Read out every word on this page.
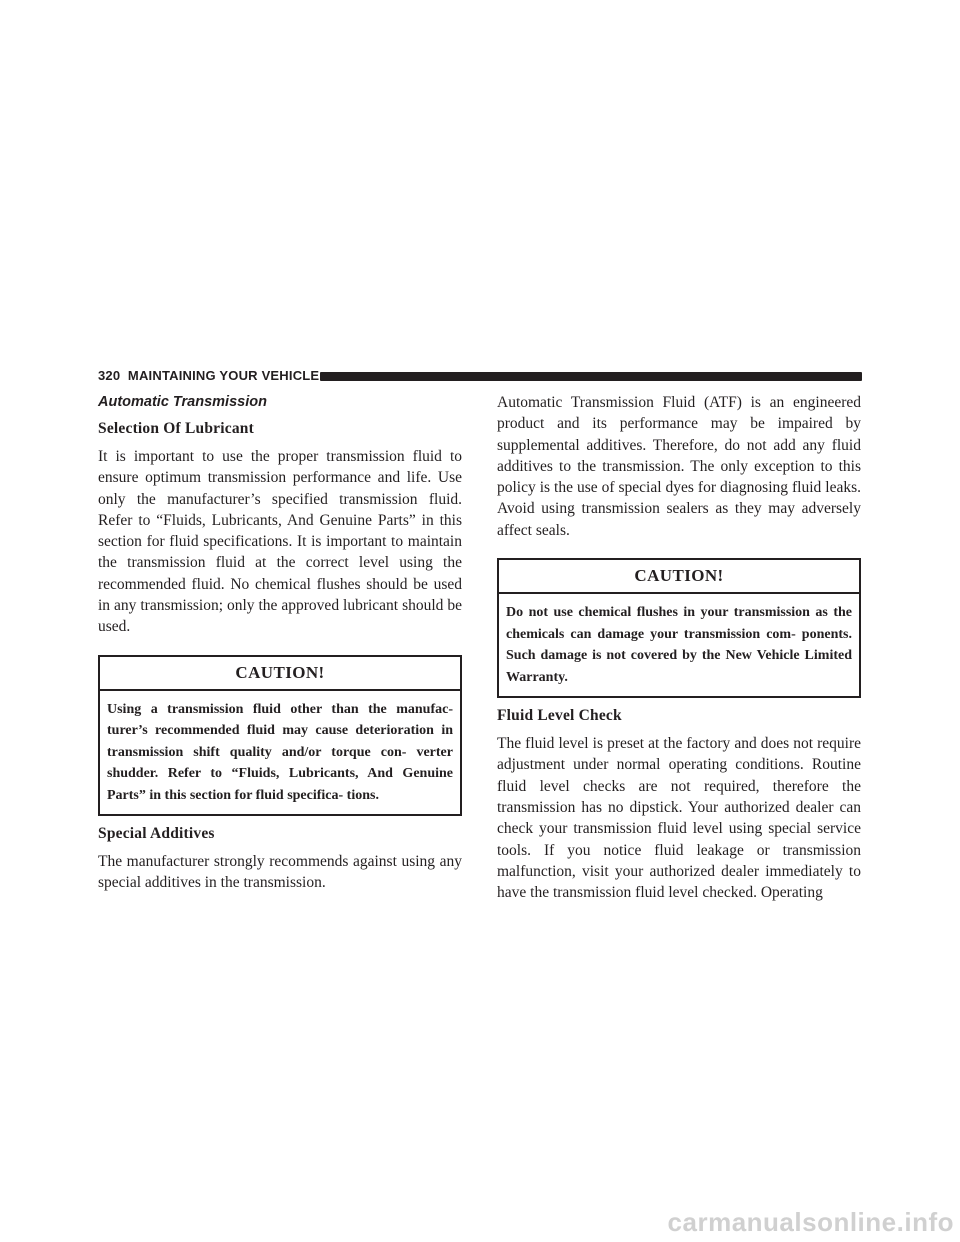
320 MAINTAINING YOUR VEHICLE
Automatic Transmission
Selection Of Lubricant
It is important to use the proper transmission fluid to ensure optimum transmission performance and life. Use only the manufacturer’s specified transmission fluid. Refer to “Fluids, Lubricants, And Genuine Parts” in this section for fluid specifications. It is important to maintain the transmission fluid at the correct level using the recommended fluid. No chemical flushes should be used in any transmission; only the approved lubricant should be used.
CAUTION!
Using a transmission fluid other than the manufac- turer’s recommended fluid may cause deterioration in transmission shift quality and/or torque con- verter shudder. Refer to “Fluids, Lubricants, And Genuine Parts” in this section for fluid specifica- tions.
Special Additives
The manufacturer strongly recommends against using any special additives in the transmission.
Automatic Transmission Fluid (ATF) is an engineered product and its performance may be impaired by supplemental additives. Therefore, do not add any fluid additives to the transmission. The only exception to this policy is the use of special dyes for diagnosing fluid leaks. Avoid using transmission sealers as they may adversely affect seals.
CAUTION!
Do not use chemical flushes in your transmission as the chemicals can damage your transmission com- ponents. Such damage is not covered by the New Vehicle Limited Warranty.
Fluid Level Check
The fluid level is preset at the factory and does not require adjustment under normal operating conditions. Routine fluid level checks are not required, therefore the transmission has no dipstick. Your authorized dealer can check your transmission fluid level using special service tools. If you notice fluid leakage or transmission malfunction, visit your authorized dealer immediately to have the transmission fluid level checked. Operating
carmanualsonline.info
